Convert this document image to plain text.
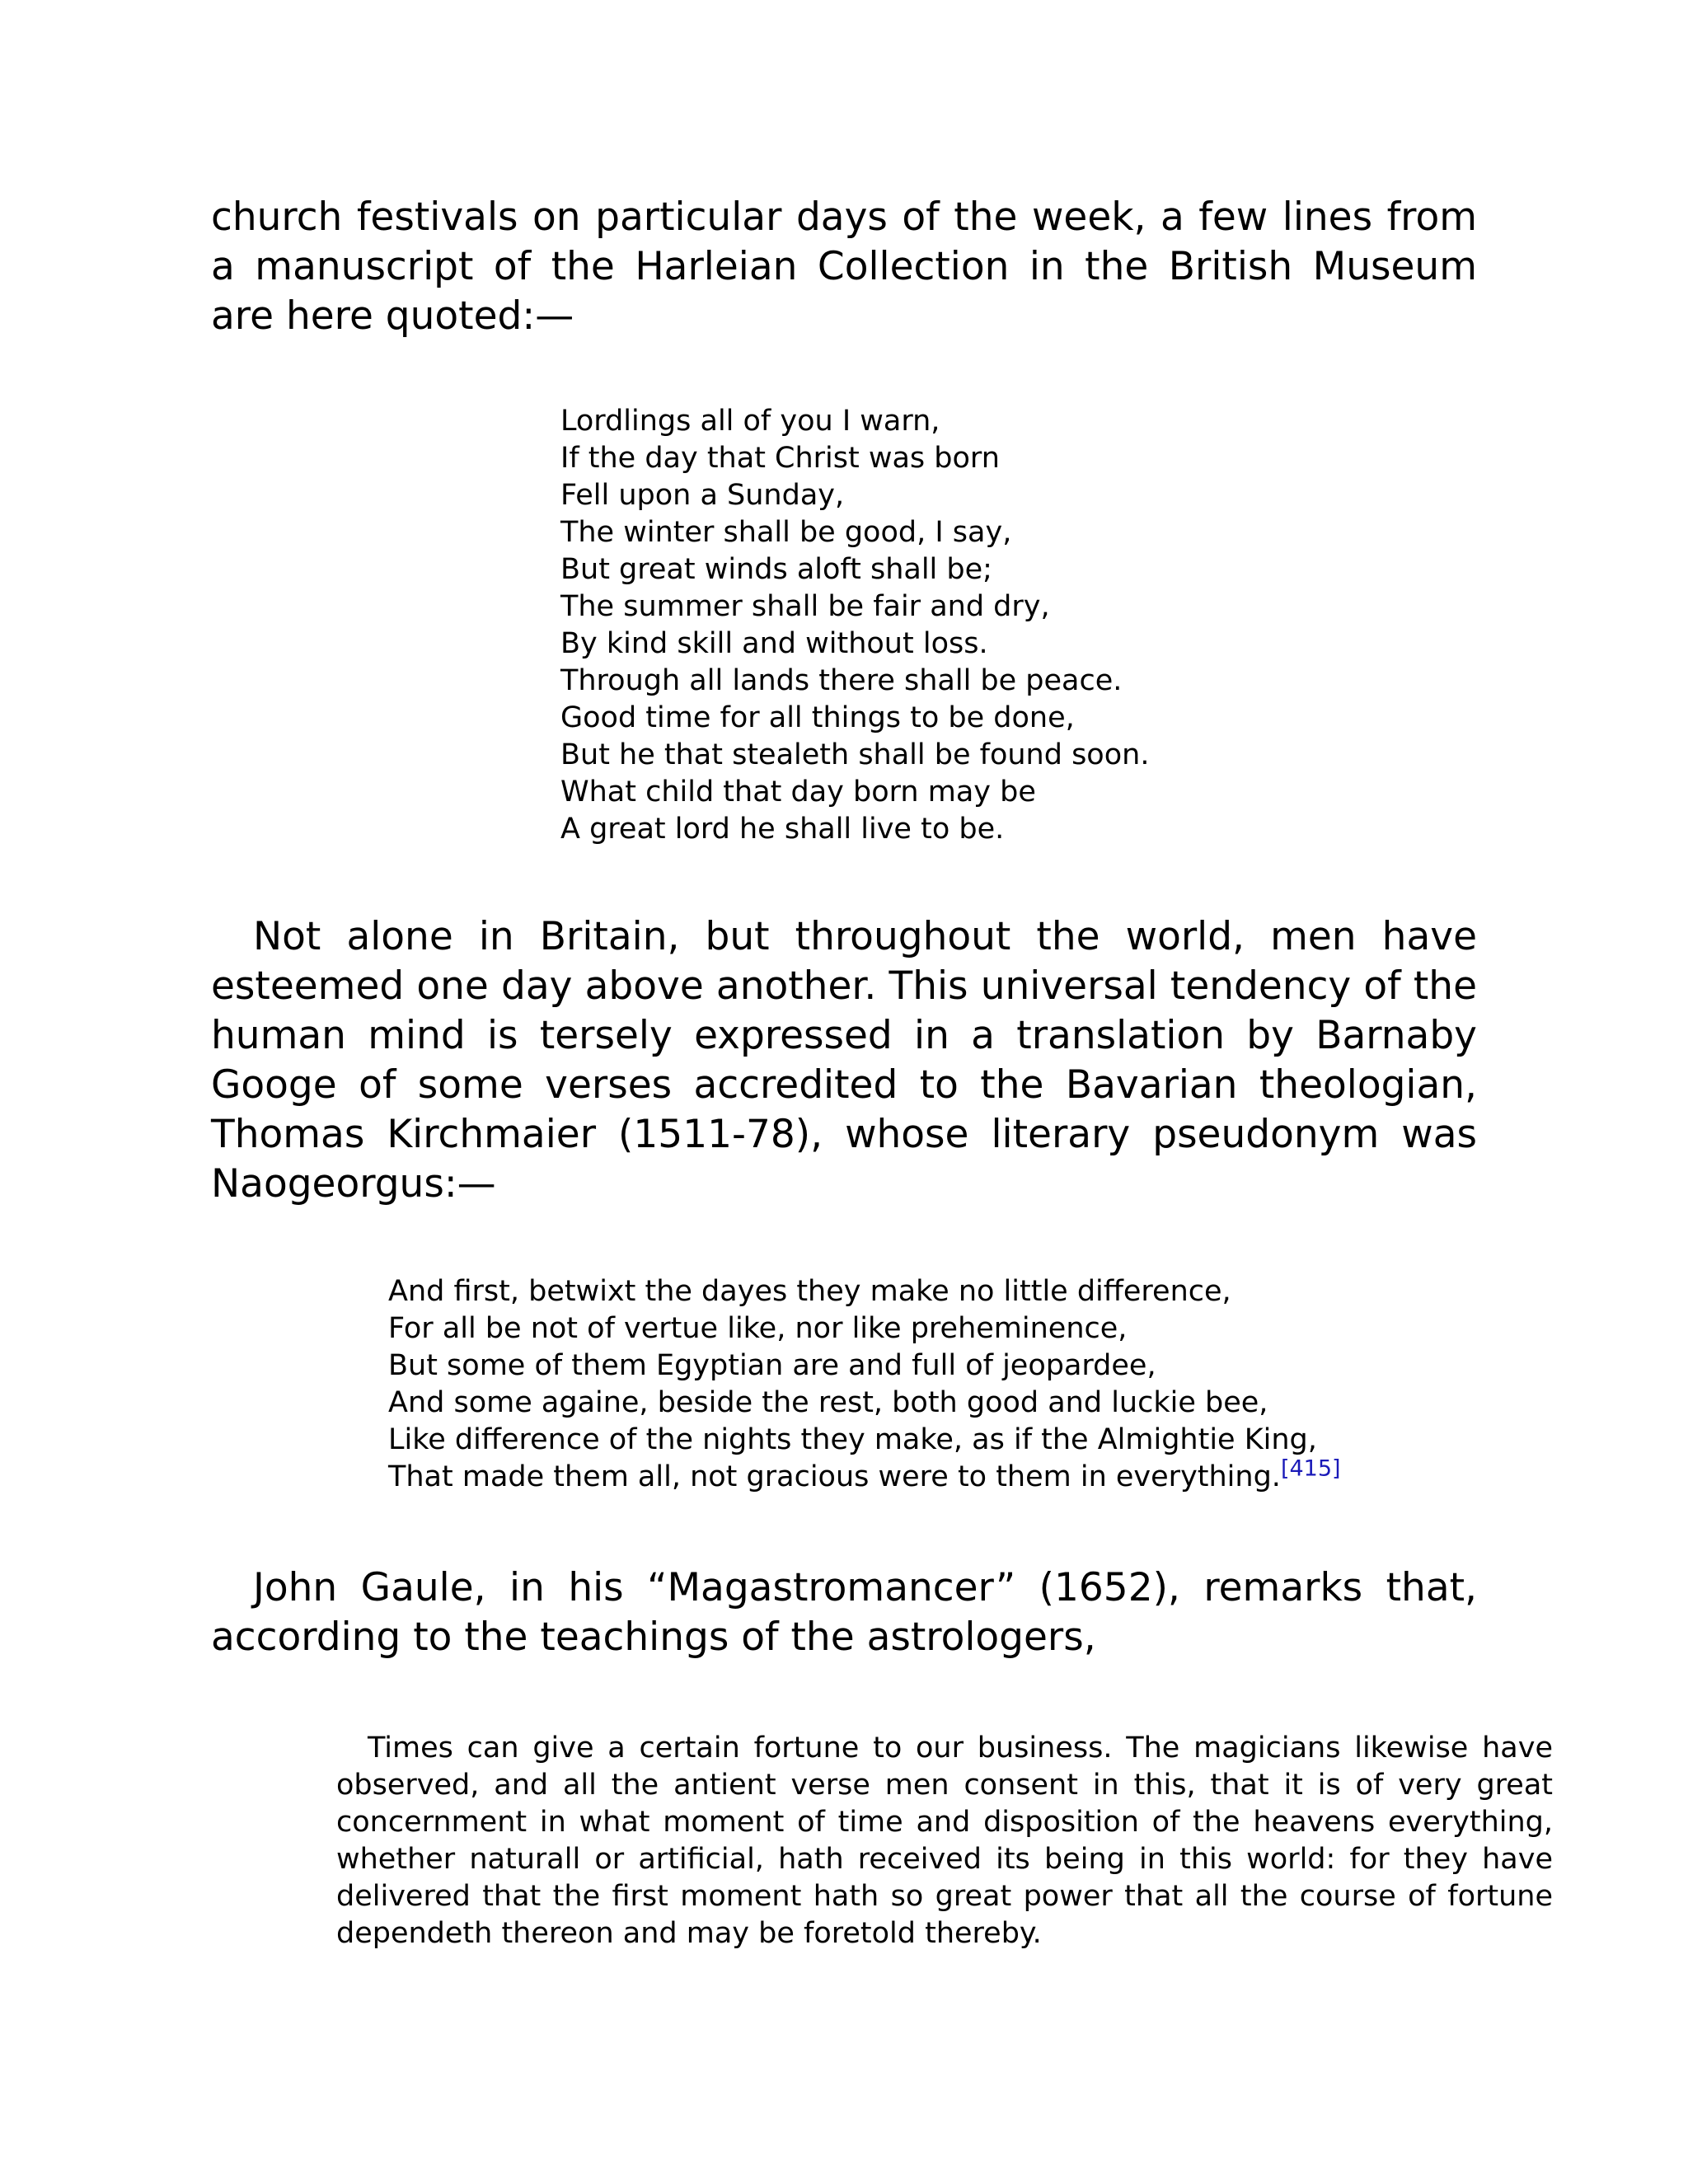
church festivals on particular days of the week, a few lines from a manuscript of the Harleian Collection in the British Museum are here quoted:—

Lordlings all of you I warn,
If the day that Christ was born
Fell upon a Sunday,
The winter shall be good, I say,
But great winds aloft shall be;
The summer shall be fair and dry,
By kind skill and without loss.
Through all lands there shall be peace.
Good time for all things to be done,
But he that stealeth shall be found soon.
What child that day born may be
A great lord he shall live to be.

Not alone in Britain, but throughout the world, men have esteemed one day above another. This universal tendency of the human mind is tersely expressed in a translation by Barnaby Googe of some verses accredited to the Bavarian theologian, Thomas Kirchmaier (1511-78), whose literary pseudonym was Naogeorgus:—

And first, betwixt the dayes they make no little difference,
For all be not of vertue like, nor like preheminence,
But some of them Egyptian are and full of jeopardee,
And some againe, beside the rest, both good and luckie bee,
Like difference of the nights they make, as if the Almightie King,
That made them all, not gracious were to them in everything.[415]

John Gaule, in his “Magastromancer” (1652), remarks that, according to the teachings of the astrologers,

Times can give a certain fortune to our business. The magicians likewise have observed, and all the antient verse men consent in this, that it is of very great concernment in what moment of time and disposition of the heavens everything, whether naturall or artificial, hath received its being in this world: for they have delivered that the first moment hath so great power that all the course of fortune dependeth thereon and may be foretold thereby.
